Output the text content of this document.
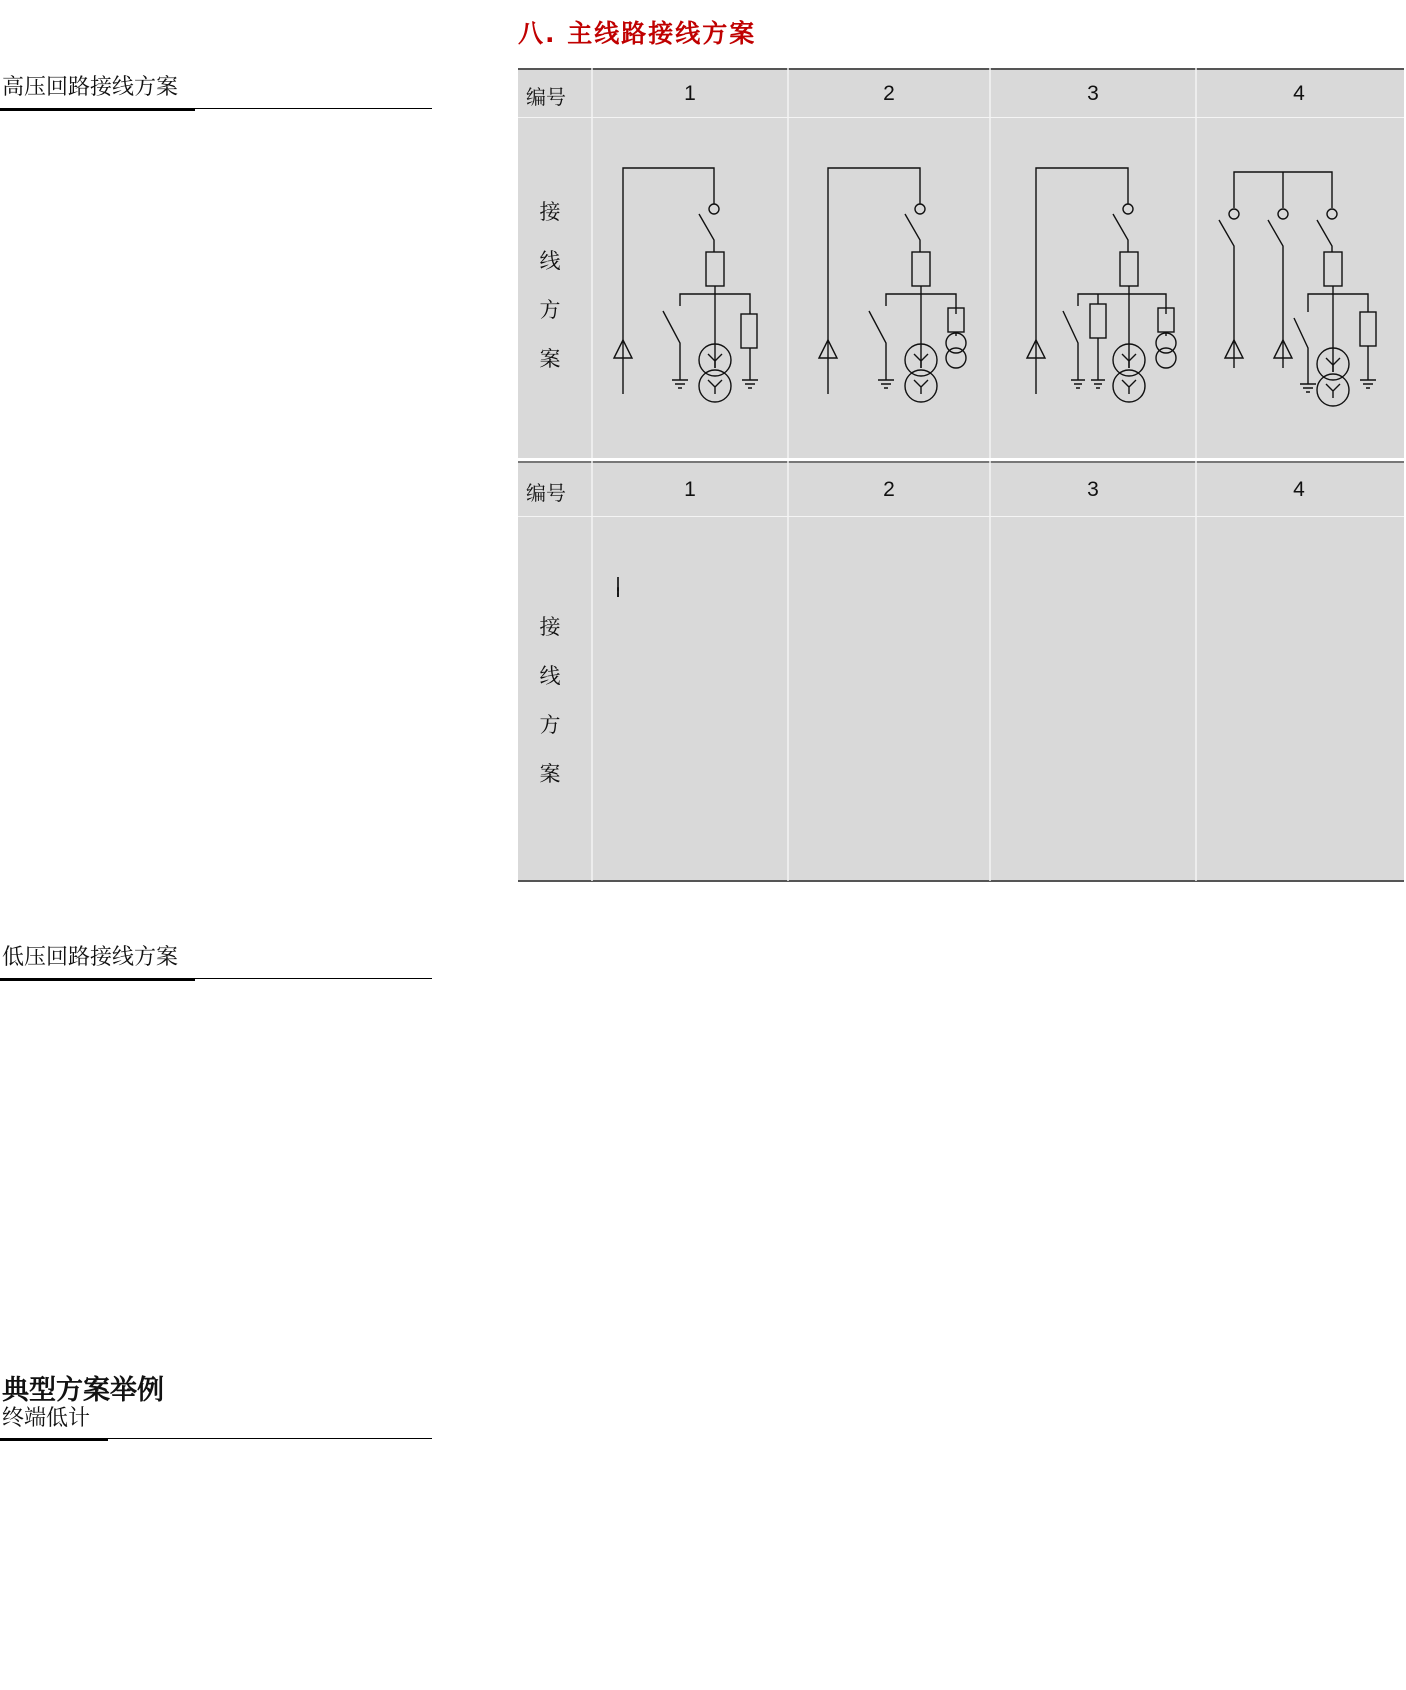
八. 主线路接线方案
高压回路接线方案
低压回路接线方案
典型方案举例
终端低计
编号	1	2	3	4
接
线
方
案
编号	1	2	3	4
接
线
方
案
